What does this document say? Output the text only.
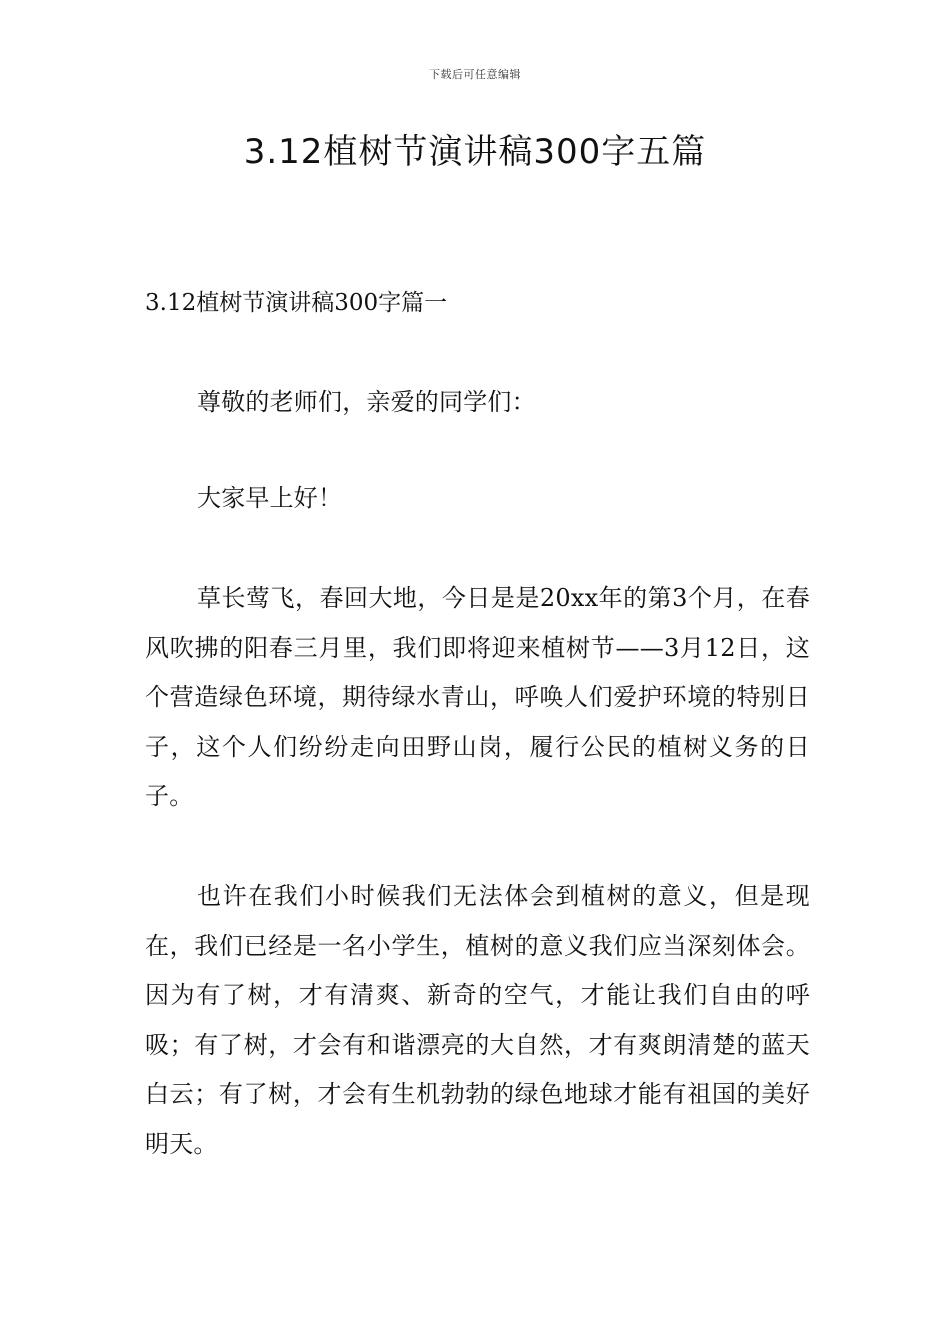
下载后可任意编辑
3.12植树节演讲稿300字五篇
3.12植树节演讲稿300字篇一

尊敬的老师们，亲爱的同学们：

大家早上好！

草长莺飞，春回大地，今日是是20xx年的第3个月，在春风吹拂的阳春三月里，我们即将迎来植树节——3月12日，这个营造绿色环境，期待绿水青山，呼唤人们爱护环境的特别日子，这个人们纷纷走向田野山岗，履行公民的植树义务的日子。

也许在我们小时候我们无法体会到植树的意义，但是现在，我们已经是一名小学生，植树的意义我们应当深刻体会。因为有了树，才有清爽、新奇的空气，才能让我们自由的呼吸；有了树，才会有和谐漂亮的大自然，才有爽朗清楚的蓝天白云；有了树，才会有生机勃勃的绿色地球才能有祖国的美好明天。
